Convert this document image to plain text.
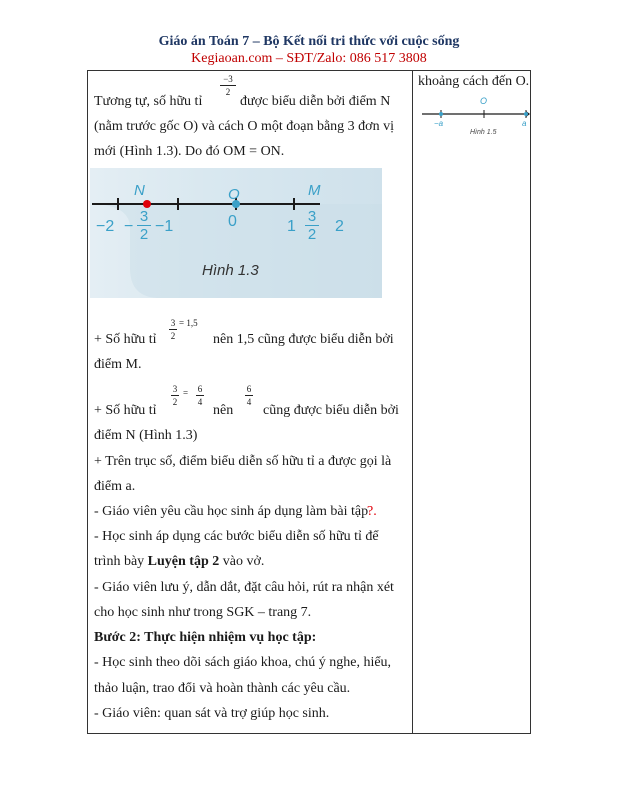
Giáo án Toán 7 – Bộ Kết nối tri thức với cuộc sống
Kegiaoan.com – SĐT/Zalo: 086 517 3808
Tương tự, số hữu tỉ
−3
2
được biểu diễn bởi điểm N
(nằm trước gốc O) và cách O một đoạn bằng 3 đơn vị
mới (Hình 1.3). Do đó OM = ON.
N	O	M
−2 −
3
2 −1	0	1
3
2 2
Hình 1.3
+ Số hữu tỉ
3
2
= 1,5
nên 1,5 cũng được biểu diễn bởi
điểm M.
+ Số hữu tỉ
3
2
= 6
4
nên
6
4
cũng được biểu diễn bởi
điểm N (Hình 1.3)
+ Trên trục số, điểm biểu diễn số hữu tỉ a được gọi là
điểm a.
- Giáo viên yêu cầu học sinh áp dụng làm bài tập
?.
- Học sinh áp dụng các bước biểu diễn số hữu tỉ để
trình bày Luyện tập 2 vào vở.
- Giáo viên lưu ý, dẫn dắt, đặt câu hỏi, rút ra nhận xét
cho học sinh như trong SGK – trang 7.
Bước 2: Thực hiện nhiệm vụ học tập:
- Học sinh theo dõi sách giáo khoa, chú ý nghe, hiểu,
thảo luận, trao đổi và hoàn thành các yêu cầu.
- Giáo viên: quan sát và trợ giúp học sinh.
khoảng cách đến O.
O
−a	a
Hình 1.5
